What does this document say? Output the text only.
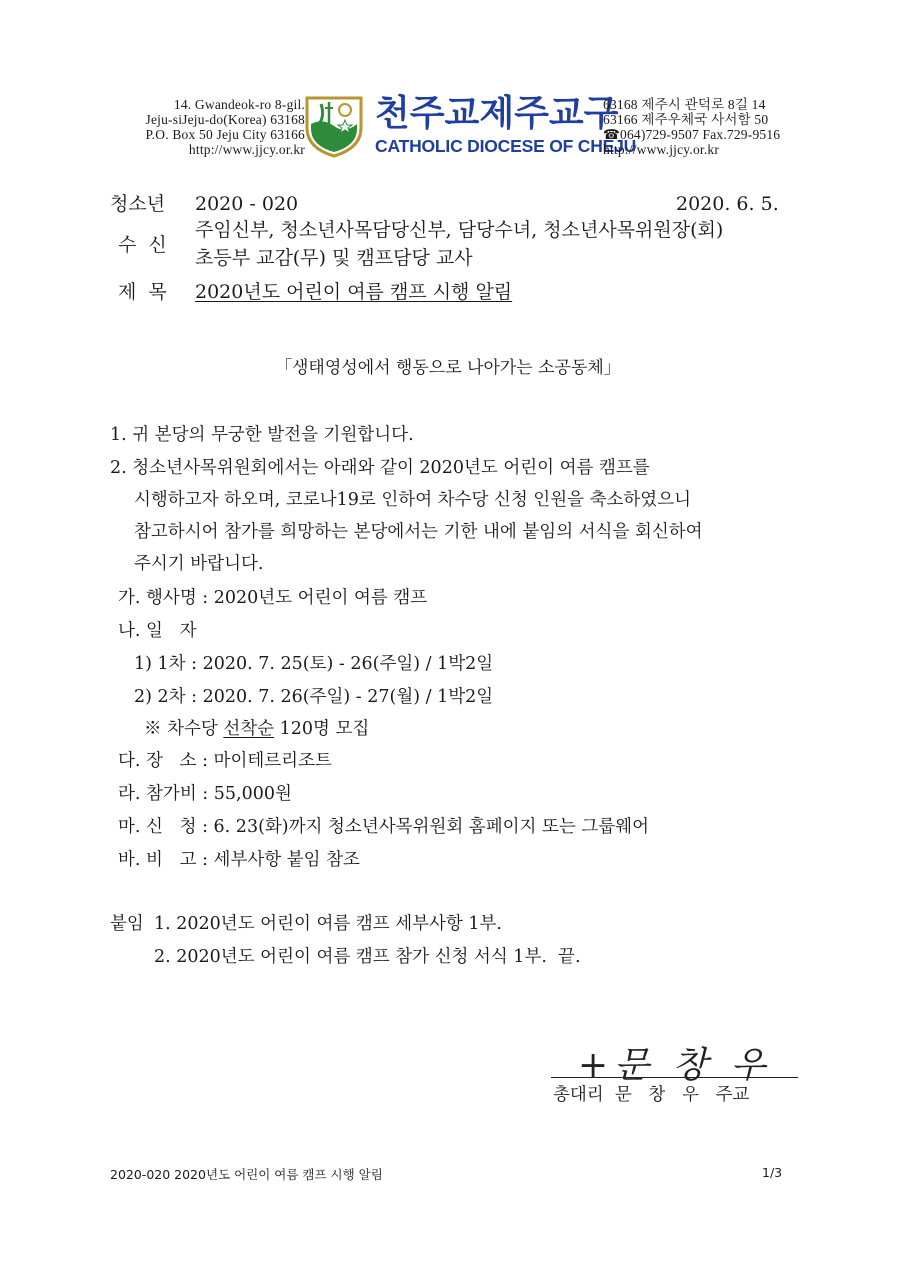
14. Gwandeok-ro 8-gil.
Jeju-siJeju-do(Korea) 63168
P.O. Box 50 Jeju City 63166
http://www.jjcy.or.kr
천주교제주교구
CATHOLIC DIOCESE OF CHEJU
63168 제주시 관덕로 8길 14
63166 제주우체국 사서함 50
☎064)729-9507 Fax.729-9516
http://www.jjcy.or.kr
청소년 2020 - 020	2020. 6. 5.
수  신
주임신부, 청소년사목담당신부, 담당수녀, 청소년사목위원장(회)
초등부 교감(무) 및 캠프담당 교사
제  목 2020년도 어린이 여름 캠프 시행 알림
「생태영성에서 행동으로 나아가는 소공동체」
1. 귀 본당의 무궁한 발전을 기원합니다.
2. 청소년사목위원회에서는 아래와 같이 2020년도 어린이 여름 캠프를
시행하고자 하오며, 코로나19로 인하여 차수당 신청 인원을 축소하였으니
참고하시어 참가를 희망하는 본당에서는 기한 내에 붙임의 서식을 회신하여
주시기 바랍니다.
가. 행사명 : 2020년도 어린이 여름 캠프
나. 일   자
1) 1차 : 2020. 7. 25(토) - 26(주일) / 1박2일
2) 2차 : 2020. 7. 26(주일) - 27(월) / 1박2일
※ 차수당 선착순 120명 모집
다. 장   소 : 마이테르리조트
라. 참가비 : 55,000원
마. 신   청 : 6. 23(화)까지 청소년사목위원회 홈페이지 또는 그룹웨어
바. 비   고 : 세부사항 붙임 참조
붙임 1. 2020년도 어린이 여름 캠프 세부사항 1부.
2. 2020년도 어린이 여름 캠프 참가 신청 서식 1부.  끝.
+문 창 우
총대리  문   창   우   주교
2020-020 2020년도 어린이 여름 캠프 시행 알림	1/3
